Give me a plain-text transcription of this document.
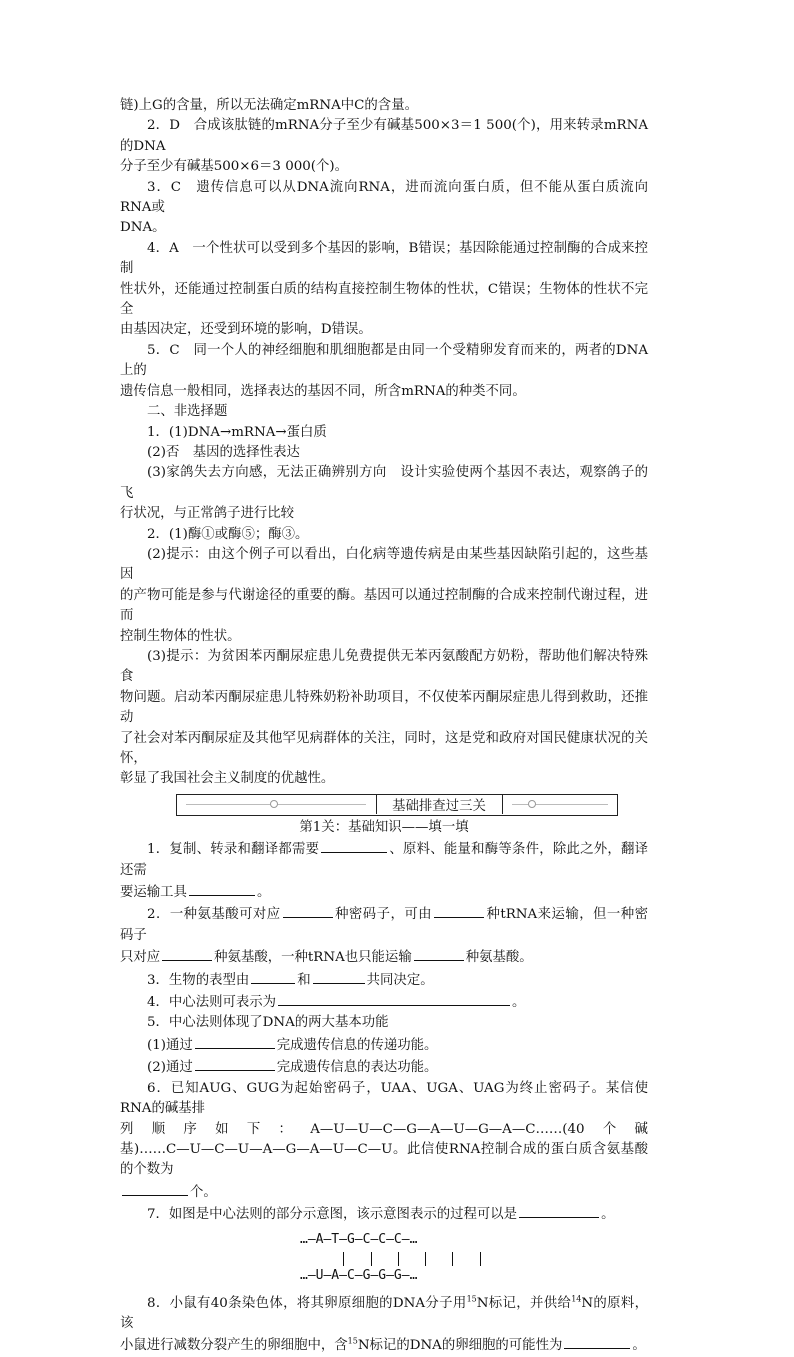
链)上G的含量，所以无法确定mRNA中C的含量。

2．D　合成该肽链的mRNA分子至少有碱基500×3＝1 500(个)，用来转录mRNA的DNA

分子至少有碱基500×6＝3 000(个)。

3．C　遗传信息可以从DNA流向RNA，进而流向蛋白质，但不能从蛋白质流向RNA或

DNA。

4．A　一个性状可以受到多个基因的影响，B错误；基因除能通过控制酶的合成来控制

性状外，还能通过控制蛋白质的结构直接控制生物体的性状，C错误；生物体的性状不完全

由基因决定，还受到环境的影响，D错误。

5．C　同一个人的神经细胞和肌细胞都是由同一个受精卵发育而来的，两者的DNA上的

遗传信息一般相同，选择表达的基因不同，所含mRNA的种类不同。

二、非选择题

1．(1)DNA→mRNA→蛋白质

(2)否　基因的选择性表达

(3)家鸽失去方向感，无法正确辨别方向　设计实验使两个基因不表达，观察鸽子的飞

行状况，与正常鸽子进行比较

2．(1)酶①或酶⑤；酶③。

(2)提示：由这个例子可以看出，白化病等遗传病是由某些基因缺陷引起的，这些基因

的产物可能是参与代谢途径的重要的酶。基因可以通过控制酶的合成来控制代谢过程，进而

控制生物体的性状。

(3)提示：为贫困苯丙酮尿症患儿免费提供无苯丙氨酸配方奶粉，帮助他们解决特殊食

物问题。启动苯丙酮尿症患儿特殊奶粉补助项目，不仅使苯丙酮尿症患儿得到救助，还推动

了社会对苯丙酮尿症及其他罕见病群体的关注，同时，这是党和政府对国民健康状况的关怀，

彰显了我国社会主义制度的优越性。

基础排查过三关

第1关：基础知识——填一填

1．复制、转录和翻译都需要	、原料、能量和酶等条件，除此之外，翻译还需

要运输工具	。

2．一种氨基酸可对应	种密码子，可由	种tRNA来运输，但一种密码子

只对应	种氨基酸，一种tRNA也只能运输	种氨基酸。

3．生物的表型由	和	共同决定。

4．中心法则可表示为	。

5．中心法则体现了DNA的两大基本功能

(1)通过	完成遗传信息的传递功能。

(2)通过	完成遗传信息的表达功能。

6．已知AUG、GUG为起始密码子，UAA、UGA、UAG为终止密码子。某信使RNA的碱基排

列 顺 序 如 下 ： A—U—U—C—G—A—U—G—A—C……(40 个 碱

基)……C—U—C—U—A—G—A—U—C—U。此信使RNA控制合成的蛋白质含氨基酸的个数为

个。

7．如图是中心法则的部分示意图，该示意图表示的过程可以是	。

…—A—T—G—C—C—C—…
…—U—A—C—G—G—G—…

8．小鼠有40条染色体，将其卵原细胞的DNA分子用$^{15}$N标记，并供给$^{14}$N的原料，该

小鼠进行减数分裂产生的卵细胞中，含$^{15}$N标记的DNA的卵细胞的可能性为	。
